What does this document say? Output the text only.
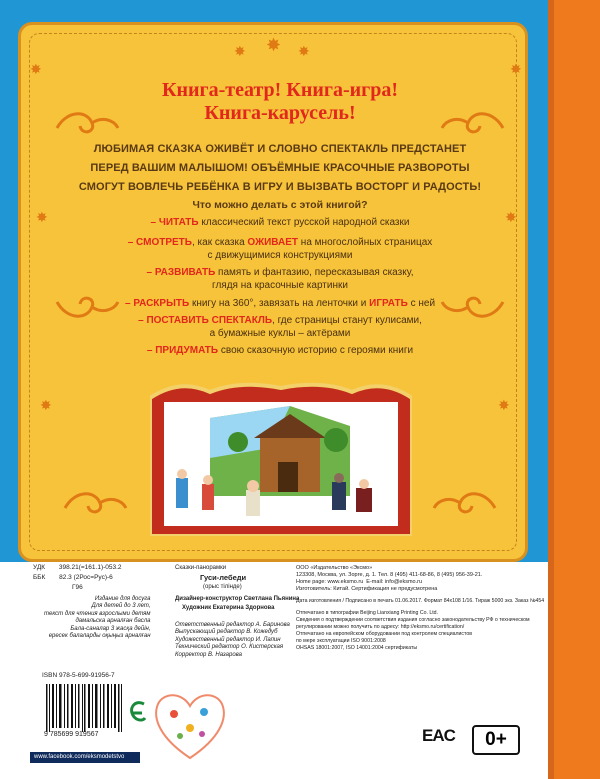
✸ ✸ ✸
✸	✸
✸	✸
✸	✸
Книга-театр! Книга-игра!
Книга-карусель!
ЛЮБИМАЯ СКАЗКА ОЖИВЁТ И СЛОВНО СПЕКТАКЛЬ ПРЕДСТАНЕТ
ПЕРЕД ВАШИМ МАЛЫШОМ! ОБЪЁМНЫЕ КРАСОЧНЫЕ РАЗВОРОТЫ
СМОГУТ ВОВЛЕЧЬ РЕБЁНКА В ИГРУ И ВЫЗВАТЬ ВОСТОРГ И РАДОСТЬ!
Что можно делать с этой книгой?
– ЧИТАТЬ классический текст русской народной сказки
– СМОТРЕТЬ, как сказка ОЖИВАЕТ на многослойных страницах
с движущимися конструкциями
– РАЗВИВАТЬ память и фантазию, пересказывая сказку,
глядя на красочные картинки
– РАСКРЫТЬ книгу на 360°, завязать на ленточки и ИГРАТЬ с ней
– ПОСТАВИТЬ СПЕКТАКЛЬ, где страницы станут кулисами,
а бумажные куклы – актёрами
– ПРИДУМАТЬ свою сказочную историю с героями книги
УДК 398.21(=161.1)-053.2
ББК 82.3 (2Рос=Рус)-6
Г96
Издание для досуга
Для детей до 3 лет,
текст для чтения взрослыми детям
дамальскa арналған басла
Бала-саналар 3 жасқа дейін,
ересек балаларды оқыңыз арналған
ISBN 978-5-699-91956-7
9 785699 919567
www.facebook.com/eksmodetstvo
Сказки-панорамки
Гуси-лебеди
(орыс тілінде)
Дизайнер-конструктор Светлана Пьянина
Художник Екатерина Здорнова
Ответственный редактор А. Баринова
Выпускающий редактор В. Кожедуб
Художественный редактор И. Лапин
Технический редактор О. Кистерская
Корректор В. Назарова
ООО «Издательство «Эксмо»
123308, Москва, ул. Зорге, д. 1. Тел. 8 (495) 411-68-86, 8 (495) 956-39-21.
Home page: www.eksmo.ru  E-mail: info@eksmo.ru
Изготовитель: Китай. Сертификация не предусмотрена
Дата изготовления / Подписано в печать 01.06.2017. Формат 84x108 1/16. Тираж 5000 экз. Заказ №454
Отпечатано в типографии Beijing Lianxiang Printing Co. Ltd.
Сведения о подтверждении соответствия издания согласно законодательству РФ о техническом
регулировании можно получить по адресу: http://eksmo.ru/certification/
Отпечатано на европейском оборудовании под контролем специалистов
по мере эксплуатации ISO 9001:2008
OHSAS 18001:2007, ISO 14001:2004 сертификаты
EAC	0+
